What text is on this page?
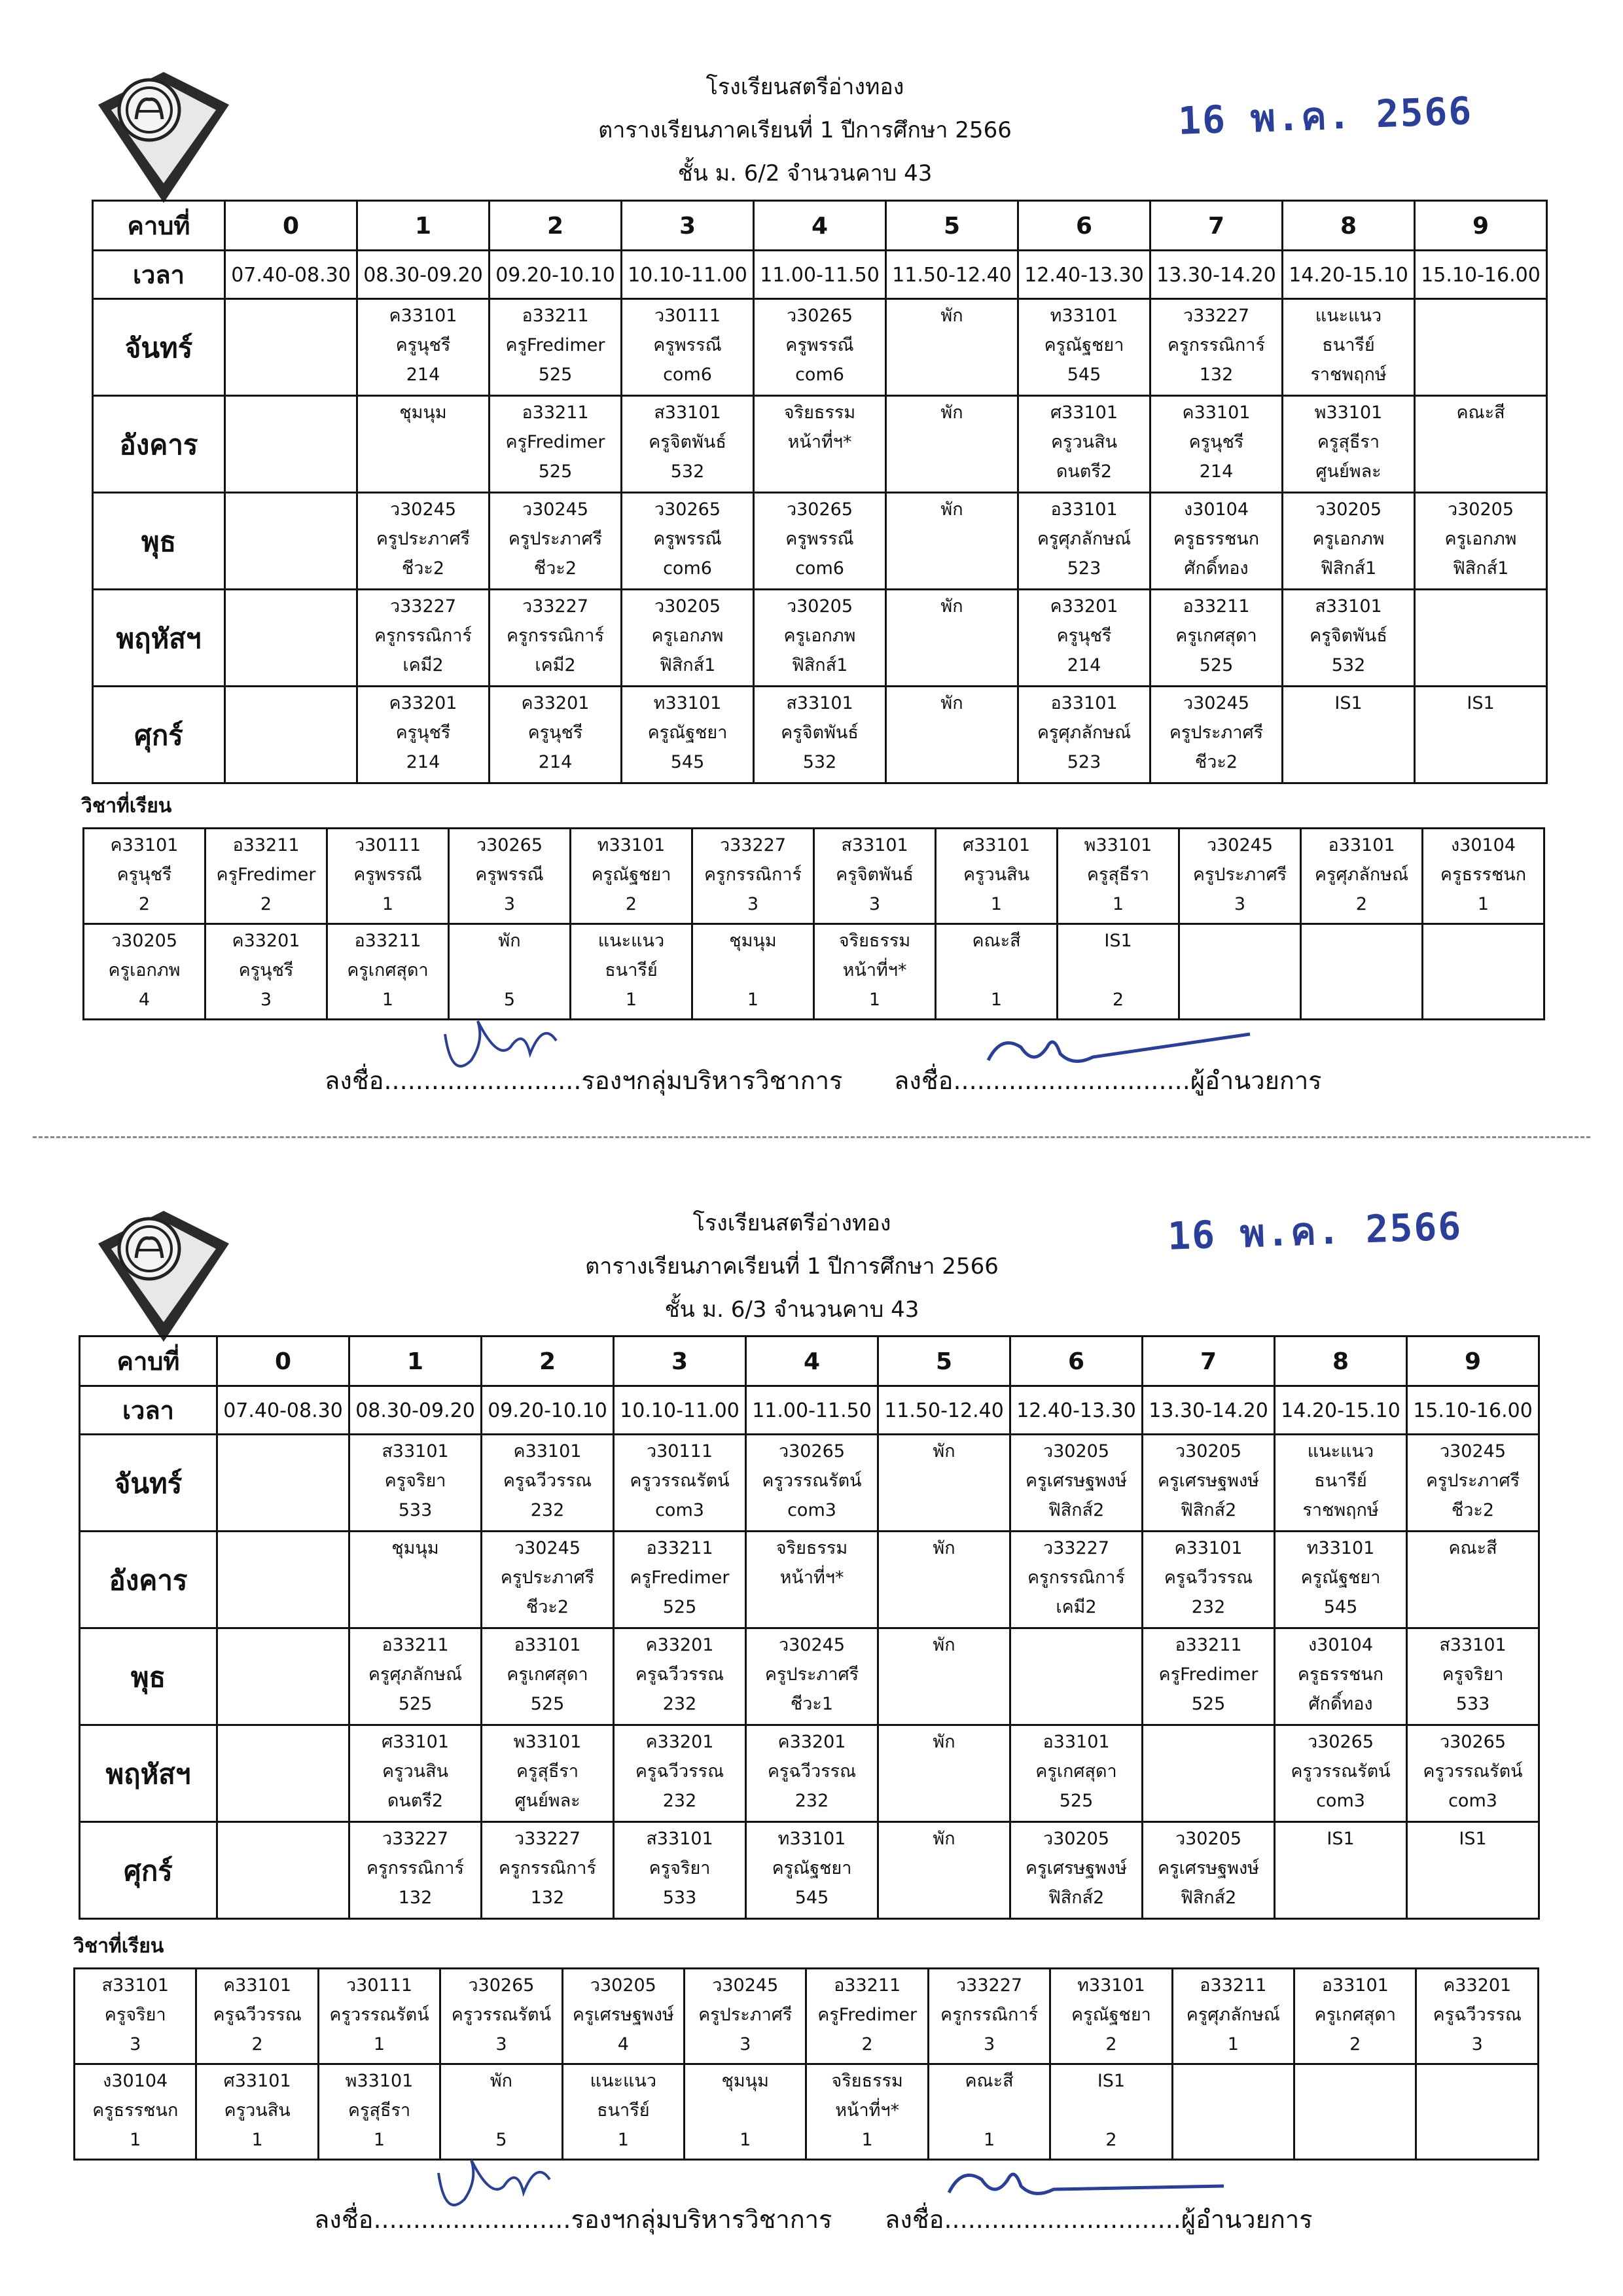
โรงเรียนสตรีอ่างทอง
ตารางเรียนภาคเรียนที่ 1 ปีการศึกษา 2566
ชั้น ม. 6/2 จำนวนคาบ 43
16 พ.ค. 2566
คาบที่	0	1	2	3	4	5	6	7	8	9
เวลา	07.40-08.30	08.30-09.20	09.20-10.10	10.10-11.00	11.00-11.50	11.50-12.40	12.40-13.30	13.30-14.20	14.20-15.10	15.10-16.00
จันทร์		ค33101
ครูนุชรี
214	อ33211
ครูFredimer
525	ว30111
ครูพรรณี
com6	ว30265
ครูพรรณี
com6	พัก	ท33101
ครูณัฐชยา
545	ว33227
ครูกรรณิการ์
132	แนะแนว
ธนารีย์
ราชพฤกษ์	

อังคาร		ชุมนุม	อ33211
ครูFredimer
525	ส33101
ครูจิตพันธ์
532	จริยธรรม
หน้าที่ฯ*	พัก	ศ33101
ครูวนสิน
ดนตรี2	ค33101
ครูนุชรี
214	พ33101
ครูสุธีรา
ศูนย์พละ	คณะสี

พุธ		ว30245
ครูประภาศรี
ชีวะ2	ว30245
ครูประภาศรี
ชีวะ2	ว30265
ครูพรรณี
com6	ว30265
ครูพรรณี
com6	พัก	อ33101
ครูศุภลักษณ์
523	ง30104
ครูธรรชนก
ศักดิ์ทอง	ว30205
ครูเอกภพ
ฟิสิกส์1	ว30205
ครูเอกภพ
ฟิสิกส์1

พฤหัสฯ		ว33227
ครูกรรณิการ์
เคมี2	ว33227
ครูกรรณิการ์
เคมี2	ว30205
ครูเอกภพ
ฟิสิกส์1	ว30205
ครูเอกภพ
ฟิสิกส์1	พัก	ค33201
ครูนุชรี
214	อ33211
ครูเกศสุดา
525	ส33101
ครูจิตพันธ์
532	

ศุกร์		ค33201
ครูนุชรี
214	ค33201
ครูนุชรี
214	ท33101
ครูณัฐชยา
545	ส33101
ครูจิตพันธ์
532	พัก	อ33101
ครูศุภลักษณ์
523	ว30245
ครูประภาศรี
ชีวะ2	IS1	IS1
วิชาที่เรียน
ค33101
ครูนุชรี
2	อ33211
ครูFredimer
2	ว30111
ครูพรรณี
1	ว30265
ครูพรรณี
3	ท33101
ครูณัฐชยา
2	ว33227
ครูกรรณิการ์
3	ส33101
ครูจิตพันธ์
3	ศ33101
ครูวนสิน
1	พ33101
ครูสุธีรา
1	ว30245
ครูประภาศรี
3	อ33101
ครูศุภลักษณ์
2	ง30104
ครูธรรชนก
1

ว30205
ครูเอกภพ
4	ค33201
ครูนุชรี
3	อ33211
ครูเกศสุดา
1	พัก

5	แนะแนว
ธนารีย์
1	ชุมนุม

1	จริยธรรม
หน้าที่ฯ*
1	คณะสี

1	IS1

2			

ลงชื่อ.........................รองฯกลุ่มบริหารวิชาการ ลงชื่อ..............................ผู้อำนวยการ
โรงเรียนสตรีอ่างทอง
ตารางเรียนภาคเรียนที่ 1 ปีการศึกษา 2566
ชั้น ม. 6/3 จำนวนคาบ 43
16 พ.ค. 2566
คาบที่	0	1	2	3	4	5	6	7	8	9
เวลา	07.40-08.30	08.30-09.20	09.20-10.10	10.10-11.00	11.00-11.50	11.50-12.40	12.40-13.30	13.30-14.20	14.20-15.10	15.10-16.00
จันทร์		ส33101
ครูจริยา
533	ค33101
ครูฉวีวรรณ
232	ว30111
ครูวรรณรัตน์
com3	ว30265
ครูวรรณรัตน์
com3	พัก	ว30205
ครูเศรษฐพงษ์
ฟิสิกส์2	ว30205
ครูเศรษฐพงษ์
ฟิสิกส์2	แนะแนว
ธนารีย์
ราชพฤกษ์	ว30245
ครูประภาศรี
ชีวะ2

อังคาร		ชุมนุม	ว30245
ครูประภาศรี
ชีวะ2	อ33211
ครูFredimer
525	จริยธรรม
หน้าที่ฯ*	พัก	ว33227
ครูกรรณิการ์
เคมี2	ค33101
ครูฉวีวรรณ
232	ท33101
ครูณัฐชยา
545	คณะสี

พุธ		อ33211
ครูศุภลักษณ์
525	อ33101
ครูเกศสุดา
525	ค33201
ครูฉวีวรรณ
232	ว30245
ครูประภาศรี
ชีวะ1	พัก		อ33211
ครูFredimer
525	ง30104
ครูธรรชนก
ศักดิ์ทอง	ส33101
ครูจริยา
533

พฤหัสฯ		ศ33101
ครูวนสิน
ดนตรี2	พ33101
ครูสุธีรา
ศูนย์พละ	ค33201
ครูฉวีวรรณ
232	ค33201
ครูฉวีวรรณ
232	พัก	อ33101
ครูเกศสุดา
525		ว30265
ครูวรรณรัตน์
com3	ว30265
ครูวรรณรัตน์
com3

ศุกร์		ว33227
ครูกรรณิการ์
132	ว33227
ครูกรรณิการ์
132	ส33101
ครูจริยา
533	ท33101
ครูณัฐชยา
545	พัก	ว30205
ครูเศรษฐพงษ์
ฟิสิกส์2	ว30205
ครูเศรษฐพงษ์
ฟิสิกส์2	IS1	IS1
วิชาที่เรียน
ส33101
ครูจริยา
3	ค33101
ครูฉวีวรรณ
2	ว30111
ครูวรรณรัตน์
1	ว30265
ครูวรรณรัตน์
3	ว30205
ครูเศรษฐพงษ์
4	ว30245
ครูประภาศรี
3	อ33211
ครูFredimer
2	ว33227
ครูกรรณิการ์
3	ท33101
ครูณัฐชยา
2	อ33211
ครูศุภลักษณ์
1	อ33101
ครูเกศสุดา
2	ค33201
ครูฉวีวรรณ
3

ง30104
ครูธรรชนก
1	ศ33101
ครูวนสิน
1	พ33101
ครูสุธีรา
1	พัก

5	แนะแนว
ธนารีย์
1	ชุมนุม

1	จริยธรรม
หน้าที่ฯ*
1	คณะสี

1	IS1

2			

ลงชื่อ.........................รองฯกลุ่มบริหารวิชาการ ลงชื่อ..............................ผู้อำนวยการ
